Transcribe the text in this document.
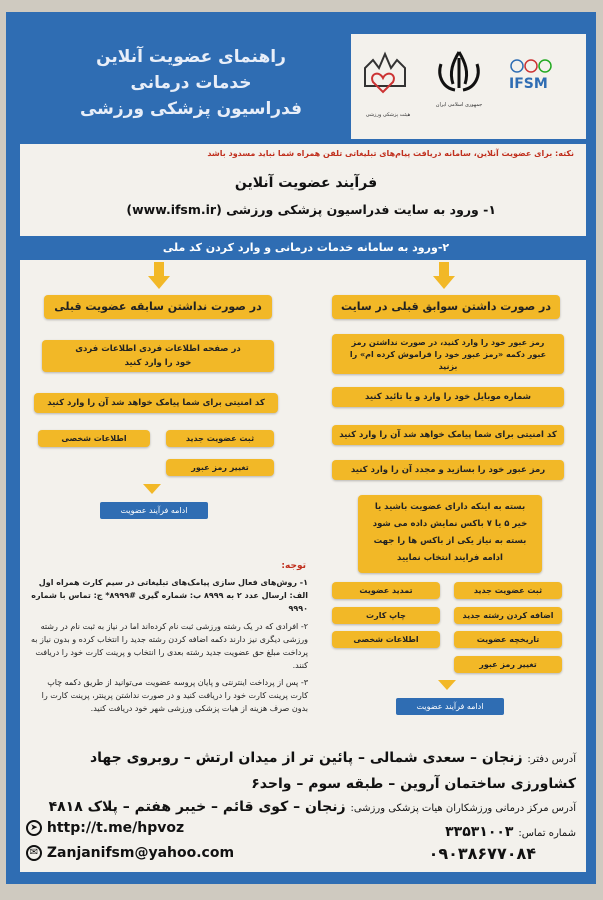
راهنمای عضویت آنلاین
خدمات درمانی
فدراسیون پزشکی ورزشی	هیئت پزشکی ورزشی
جمهوری اسلامی ایران
IFSM
نکته: برای عضویت آنلاین، سامانه دریافت پیام‌های تبلیغاتی تلفن همراه شما نباید مسدود باشد
فرآیند عضویت آنلاین
۱- ورود به سایت فدراسیون پزشکی ورزشی (www.ifsm.ir)
۲-ورود به سامانه خدمات درمانی و وارد کردن کد ملی
در صورت نداشتن سابقه عضویت قبلی	در صورت داشتن سوابق قبلی در سایت
در صفحه اطلاعات فردی اطلاعات فردی خود را وارد کنید
کد امنیتی برای شما پیامک خواهد شد آن را وارد کنید
ثبت عضویت جدید
اطلاعات شخصی
تغییر رمز عبور
ادامه فرآیند عضویت
رمز عبور خود را وارد کنید، در صورت نداشتن رمز عبور دکمه «رمز عبور خود را فراموش کرده ام» را بزنید
شماره موبایل خود را وارد و یا تائید کنید
کد امنیتی برای شما پیامک خواهد شد آن را وارد کنید
رمز عبور خود را بسازید و مجدد آن را وارد کنید
بسته به اینکه دارای عضویت باشید یا خیر ۵ یا ۷ باکس نمایش داده می شود بسته به نیاز یکی از باکس ها را جهت ادامه فرایند انتخاب نمایید
ثبت عضویت جدید
اضافه کردن رشته جدید
تاریخچه عضویت
تغییر رمز عبور
تمدید عضویت
چاپ کارت
اطلاعات شخصی
ادامه فرآیند عضویت
توجه:
۱- روش‌های فعال سازی پیامک‌های تبلیغاتی در سیم کارت همراه اول الف: ارسال عدد ۲ به ۸۹۹۹ ب: شماره گیری #۸۹۹۹* ج: تماس با شماره ۹۹۹۰
۲- افرادی که در یک رشته ورزشی ثبت نام کرده‌اند اما در نیاز به ثبت نام در رشته ورزشی دیگری نیز دارند دکمه اضافه کردن رشته جدید را انتخاب کرده و بدون نیاز به پرداخت مبلغ حق عضویت جدید رشته بعدی را انتخاب و پرینت کارت خود را دریافت کنند.
۳- پس از پرداخت اینترنتی و پایان پروسه عضویت می‌توانید از طریق دکمه چاپ کارت پرینت کارت خود را دریافت کنید و در صورت نداشتن پرینتر، پرینت کارت را بدون صرف هزینه از هیات پزشکی ورزشی شهر خود دریافت کنید.
آدرس دفتر: زنجان – سعدی شمالی – پائین تر از میدان ارتش – روبروی جهاد کشاورزی ساختمان آروین – طبقه سوم – واحد۶
آدرس مرکز درمانی ورزشکاران هیات پزشکی ورزشی: زنجان – کوی قائم – خیبر هفتم – پلاک ۴۸۱۸
شماره تماس: ۳۳۵۳۱۰۰۳
۰۹۰۳۸۶۷۷۰۸۴
➤ http://t.me/hpvoz
✉ Zanjanifsm@yahoo.com
